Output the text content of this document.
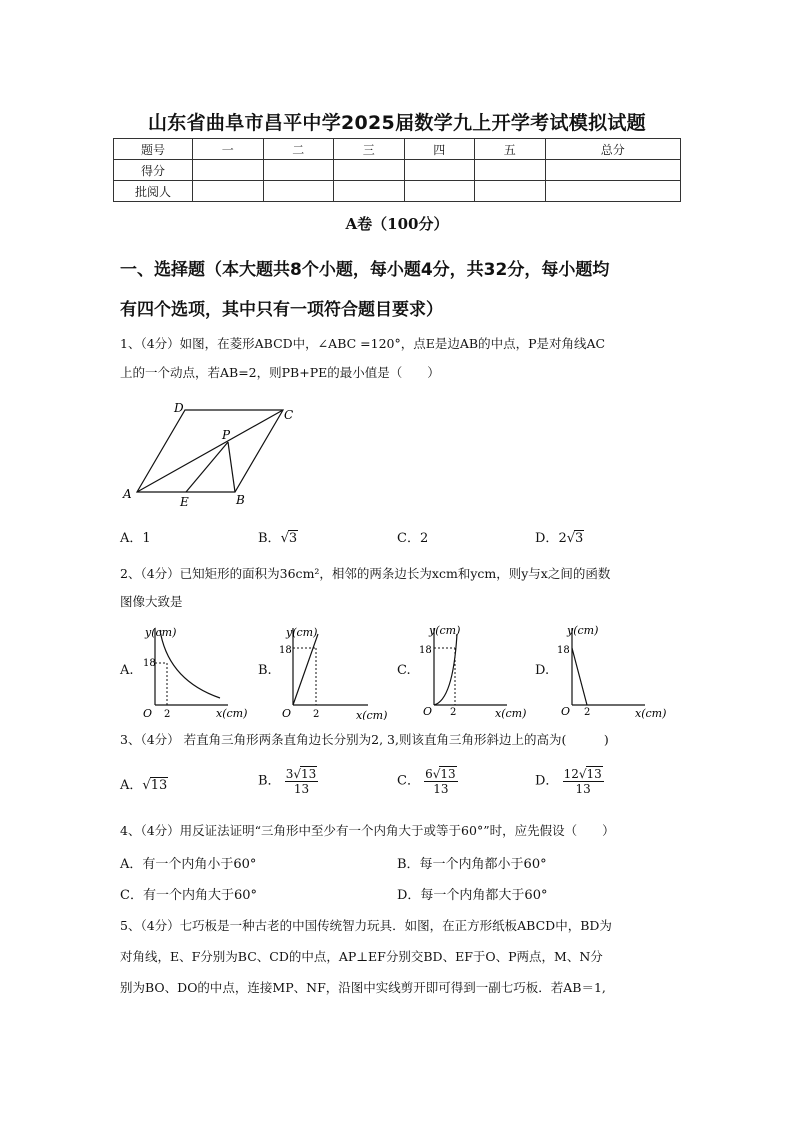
山东省曲阜市昌平中学2025届数学九上开学考试模拟试题
题号	一	二	三	四	五	总分
得分						
批阅人						
A卷（100分）
一、选择题（本大题共8个小题，每小题4分，共32分，每小题均
有四个选项，其中只有一项符合题目要求）
1、（4分）如图，在菱形ABCD中，∠ABC =120°，点E是边AB的中点，P是对角线AC
上的一个动点，若AB=2，则PB+PE的最小值是（　　）
D	C
P
A
E	B
A．1	B．√3	C．2	D．2√3
2、（4分）已知矩形的面积为36cm²，相邻的两条边长为xcm和ycm，则y与x之间的函数
图像大致是
A.
y(cm)
18
O 2	x(cm)
B.
y(cm)
18
O 2	x(cm)
C.
y(cm)
18
O 2	x(cm)
D.
y(cm)
18
O 2	x(cm)
3、（4分） 若直角三角形两条直角边长分别为2, 3,则该直角三角形斜边上的高为(　　　)
A．√13	B． $\frac{3√13}{13}$	C． $\frac{6√13}{13}$	D． $\frac{12√13}{13}$
4、（4分）用反证法证明“三角形中至少有一个内角大于或等于60°”时，应先假设（　　）
A．有一个内角小于60°	B．每一个内角都小于60°
C．有一个内角大于60°	D．每一个内角都大于60°
5、（4分）七巧板是一种古老的中国传统智力玩具．如图，在正方形纸板ABCD中，BD为
对角线，E、F分别为BC、CD的中点，AP⊥EF分别交BD、EF于O、P两点，M、N分
别为BO、DO的中点，连接MP、NF，沿图中实线剪开即可得到一副七巧板．若AB＝1,
